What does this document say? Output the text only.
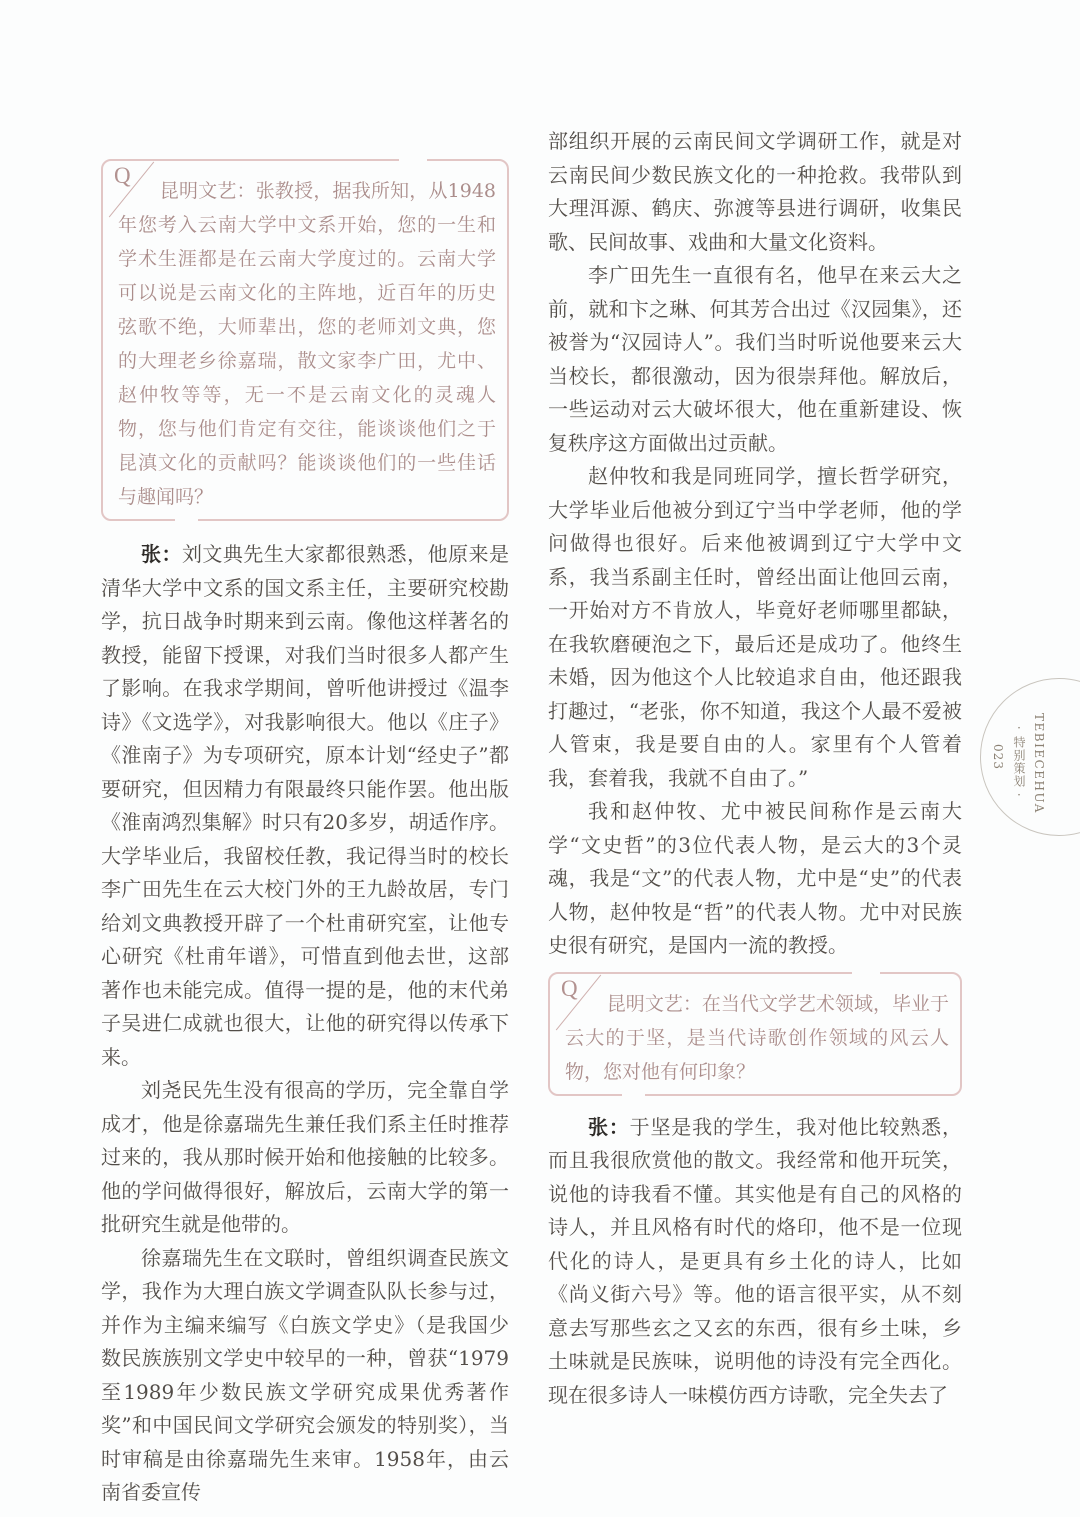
Q

昆明文艺：张教授，据我所知，从1948年您考入云南大学中文系开始，您的一生和学术生涯都是在云南大学度过的。云南大学可以说是云南文化的主阵地，近百年的历史弦歌不绝，大师辈出，您的老师刘文典，您的大理老乡徐嘉瑞，散文家李广田，尤中、赵仲牧等等，无一不是云南文化的灵魂人物，您与他们肯定有交往，能谈谈他们之于昆滇文化的贡献吗？能谈谈他们的一些佳话与趣闻吗？

张：刘文典先生大家都很熟悉，他原来是清华大学中文系的国文系主任，主要研究校勘学，抗日战争时期来到云南。像他这样著名的教授，能留下授课，对我们当时很多人都产生了影响。在我求学期间，曾听他讲授过《温李诗》《文选学》，对我影响很大。他以《庄子》《淮南子》为专项研究，原本计划“经史子”都要研究，但因精力有限最终只能作罢。他出版《淮南鸿烈集解》时只有20多岁，胡适作序。大学毕业后，我留校任教，我记得当时的校长李广田先生在云大校门外的王九龄故居，专门给刘文典教授开辟了一个杜甫研究室，让他专心研究《杜甫年谱》，可惜直到他去世，这部著作也未能完成。值得一提的是，他的末代弟子吴进仁成就也很大，让他的研究得以传承下来。

刘尧民先生没有很高的学历，完全靠自学成才，他是徐嘉瑞先生兼任我们系主任时推荐过来的，我从那时候开始和他接触的比较多。他的学问做得很好，解放后，云南大学的第一批研究生就是他带的。

徐嘉瑞先生在文联时，曾组织调查民族文学，我作为大理白族文学调查队队长参与过，并作为主编来编写《白族文学史》（是我国少数民族族别文学史中较早的一种，曾获“1979至1989年少数民族文学研究成果优秀著作奖”和中国民间文学研究会颁发的特别奖），当时审稿是由徐嘉瑞先生来审。1958年，由云南省委宣传

部组织开展的云南民间文学调研工作，就是对云南民间少数民族文化的一种抢救。我带队到大理洱源、鹤庆、弥渡等县进行调研，收集民歌、民间故事、戏曲和大量文化资料。

李广田先生一直很有名，他早在来云大之前，就和卞之琳、何其芳合出过《汉园集》，还被誉为“汉园诗人”。我们当时听说他要来云大当校长，都很激动，因为很崇拜他。解放后，一些运动对云大破坏很大，他在重新建设、恢复秩序这方面做出过贡献。

赵仲牧和我是同班同学，擅长哲学研究，大学毕业后他被分到辽宁当中学老师，他的学问做得也很好。后来他被调到辽宁大学中文系，我当系副主任时，曾经出面让他回云南，一开始对方不肯放人，毕竟好老师哪里都缺，在我软磨硬泡之下，最后还是成功了。他终生未婚，因为他这个人比较追求自由，他还跟我打趣过，“老张，你不知道，我这个人最不爱被人管束，我是要自由的人。家里有个人管着我，套着我，我就不自由了。”

我和赵仲牧、尤中被民间称作是云南大学“文史哲”的3位代表人物，是云大的3个灵魂，我是“文”的代表人物，尤中是“史”的代表人物，赵仲牧是“哲”的代表人物。尤中对民族史很有研究，是国内一流的教授。

Q

昆明文艺：在当代文学艺术领域，毕业于云大的于坚，是当代诗歌创作领域的风云人物，您对他有何印象？

张：于坚是我的学生，我对他比较熟悉，而且我很欣赏他的散文。我经常和他开玩笑，说他的诗我看不懂。其实他是有自己的风格的诗人，并且风格有时代的烙印，他不是一位现代化的诗人，是更具有乡土化的诗人，比如《尚义街六号》等。他的语言很平实，从不刻意去写那些玄之又玄的东西，很有乡土味，乡土味就是民族味，说明他的诗没有完全西化。现在很多诗人一味模仿西方诗歌，完全失去了

TEBIECEHUA
·特别策划·
023
